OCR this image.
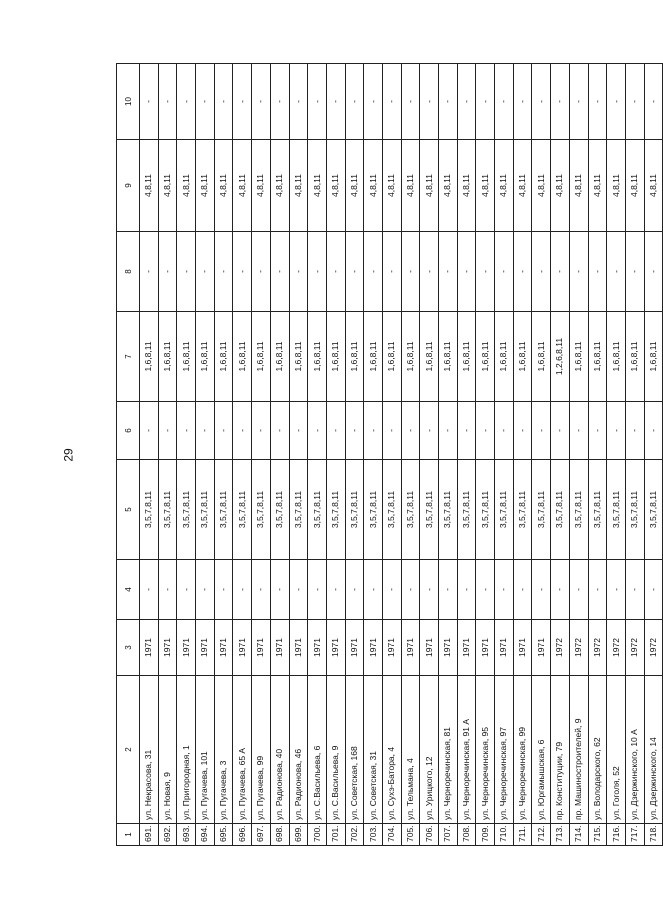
29
1	2	3	4	5	6	7	8	9	10
691.	ул. Некрасова, 31	1971	-	3,5,7,8,11	-	1,6,8,11	-	4,8,11	-
692.	ул. Новая, 9	1971	-	3,5,7,8,11	-	1,6,8,11	-	4,8,11	-
693.	ул. Пригородная, 1	1971	-	3,5,7,8,11	-	1,6,8,11	-	4,8,11	-
694.	ул. Пугачева, 101	1971	-	3,5,7,8,11	-	1,6,8,11	-	4,8,11	-
695.	ул. Пугачева, 3	1971	-	3,5,7,8,11	-	1,6,8,11	-	4,8,11	-
696.	ул. Пугачева, 65 А	1971	-	3,5,7,8,11	-	1,6,8,11	-	4,8,11	-
697.	ул. Пугачева, 99	1971	-	3,5,7,8,11	-	1,6,8,11	-	4,8,11	-
698.	ул. Радионова, 40	1971	-	3,5,7,8,11	-	1,6,8,11	-	4,8,11	-
699.	ул. Радионова, 46	1971	-	3,5,7,8,11	-	1,6,8,11	-	4,8,11	-
700.	ул. С.Васильева, 6	1971	-	3,5,7,8,11	-	1,6,8,11	-	4,8,11	-
701.	ул. С.Васильева, 9	1971	-	3,5,7,8,11	-	1,6,8,11	-	4,8,11	-
702.	ул. Советская, 168	1971	-	3,5,7,8,11	-	1,6,8,11	-	4,8,11	-
703.	ул. Советская, 31	1971	-	3,5,7,8,11	-	1,6,8,11	-	4,8,11	-
704.	ул. Сухэ-Батора, 4	1971	-	3,5,7,8,11	-	1,6,8,11	-	4,8,11	-
705.	ул. Тельмана, 4	1971	-	3,5,7,8,11	-	1,6,8,11	-	4,8,11	-
706.	ул. Урицкого, 12	1971	-	3,5,7,8,11	-	1,6,8,11	-	4,8,11	-
707.	ул. Черноречинская, 81	1971	-	3,5,7,8,11	-	1,6,8,11	-	4,8,11	-
708.	ул. Черноречинская, 91 А	1971	-	3,5,7,8,11	-	1,6,8,11	-	4,8,11	-
709.	ул. Черноречинская, 95	1971	-	3,5,7,8,11	-	1,6,8,11	-	4,8,11	-
710.	ул. Черноречинская, 97	1971	-	3,5,7,8,11	-	1,6,8,11	-	4,8,11	-
711.	ул. Черноречинская, 99	1971	-	3,5,7,8,11	-	1,6,8,11	-	4,8,11	-
712.	ул. Юргамышская, 6	1971	-	3,5,7,8,11	-	1,6,8,11	-	4,8,11	-
713.	пр. Конституции, 79	1972	-	3,5,7,8,11	-	1,2,6,8,11	-	4,8,11	-
714.	пр. Машиностроителей, 9	1972	-	3,5,7,8,11	-	1,6,8,11	-	4,8,11	-
715.	ул. Володарского, 62	1972	-	3,5,7,8,11	-	1,6,8,11	-	4,8,11	-
716.	ул. Гоголя, 52	1972	-	3,5,7,8,11	-	1,6,8,11	-	4,8,11	-
717.	ул. Дзержинского, 10 А	1972	-	3,5,7,8,11	-	1,6,8,11	-	4,8,11	-
718.	ул. Дзержинского, 14	1972	-	3,5,7,8,11	-	1,6,8,11	-	4,8,11	-
